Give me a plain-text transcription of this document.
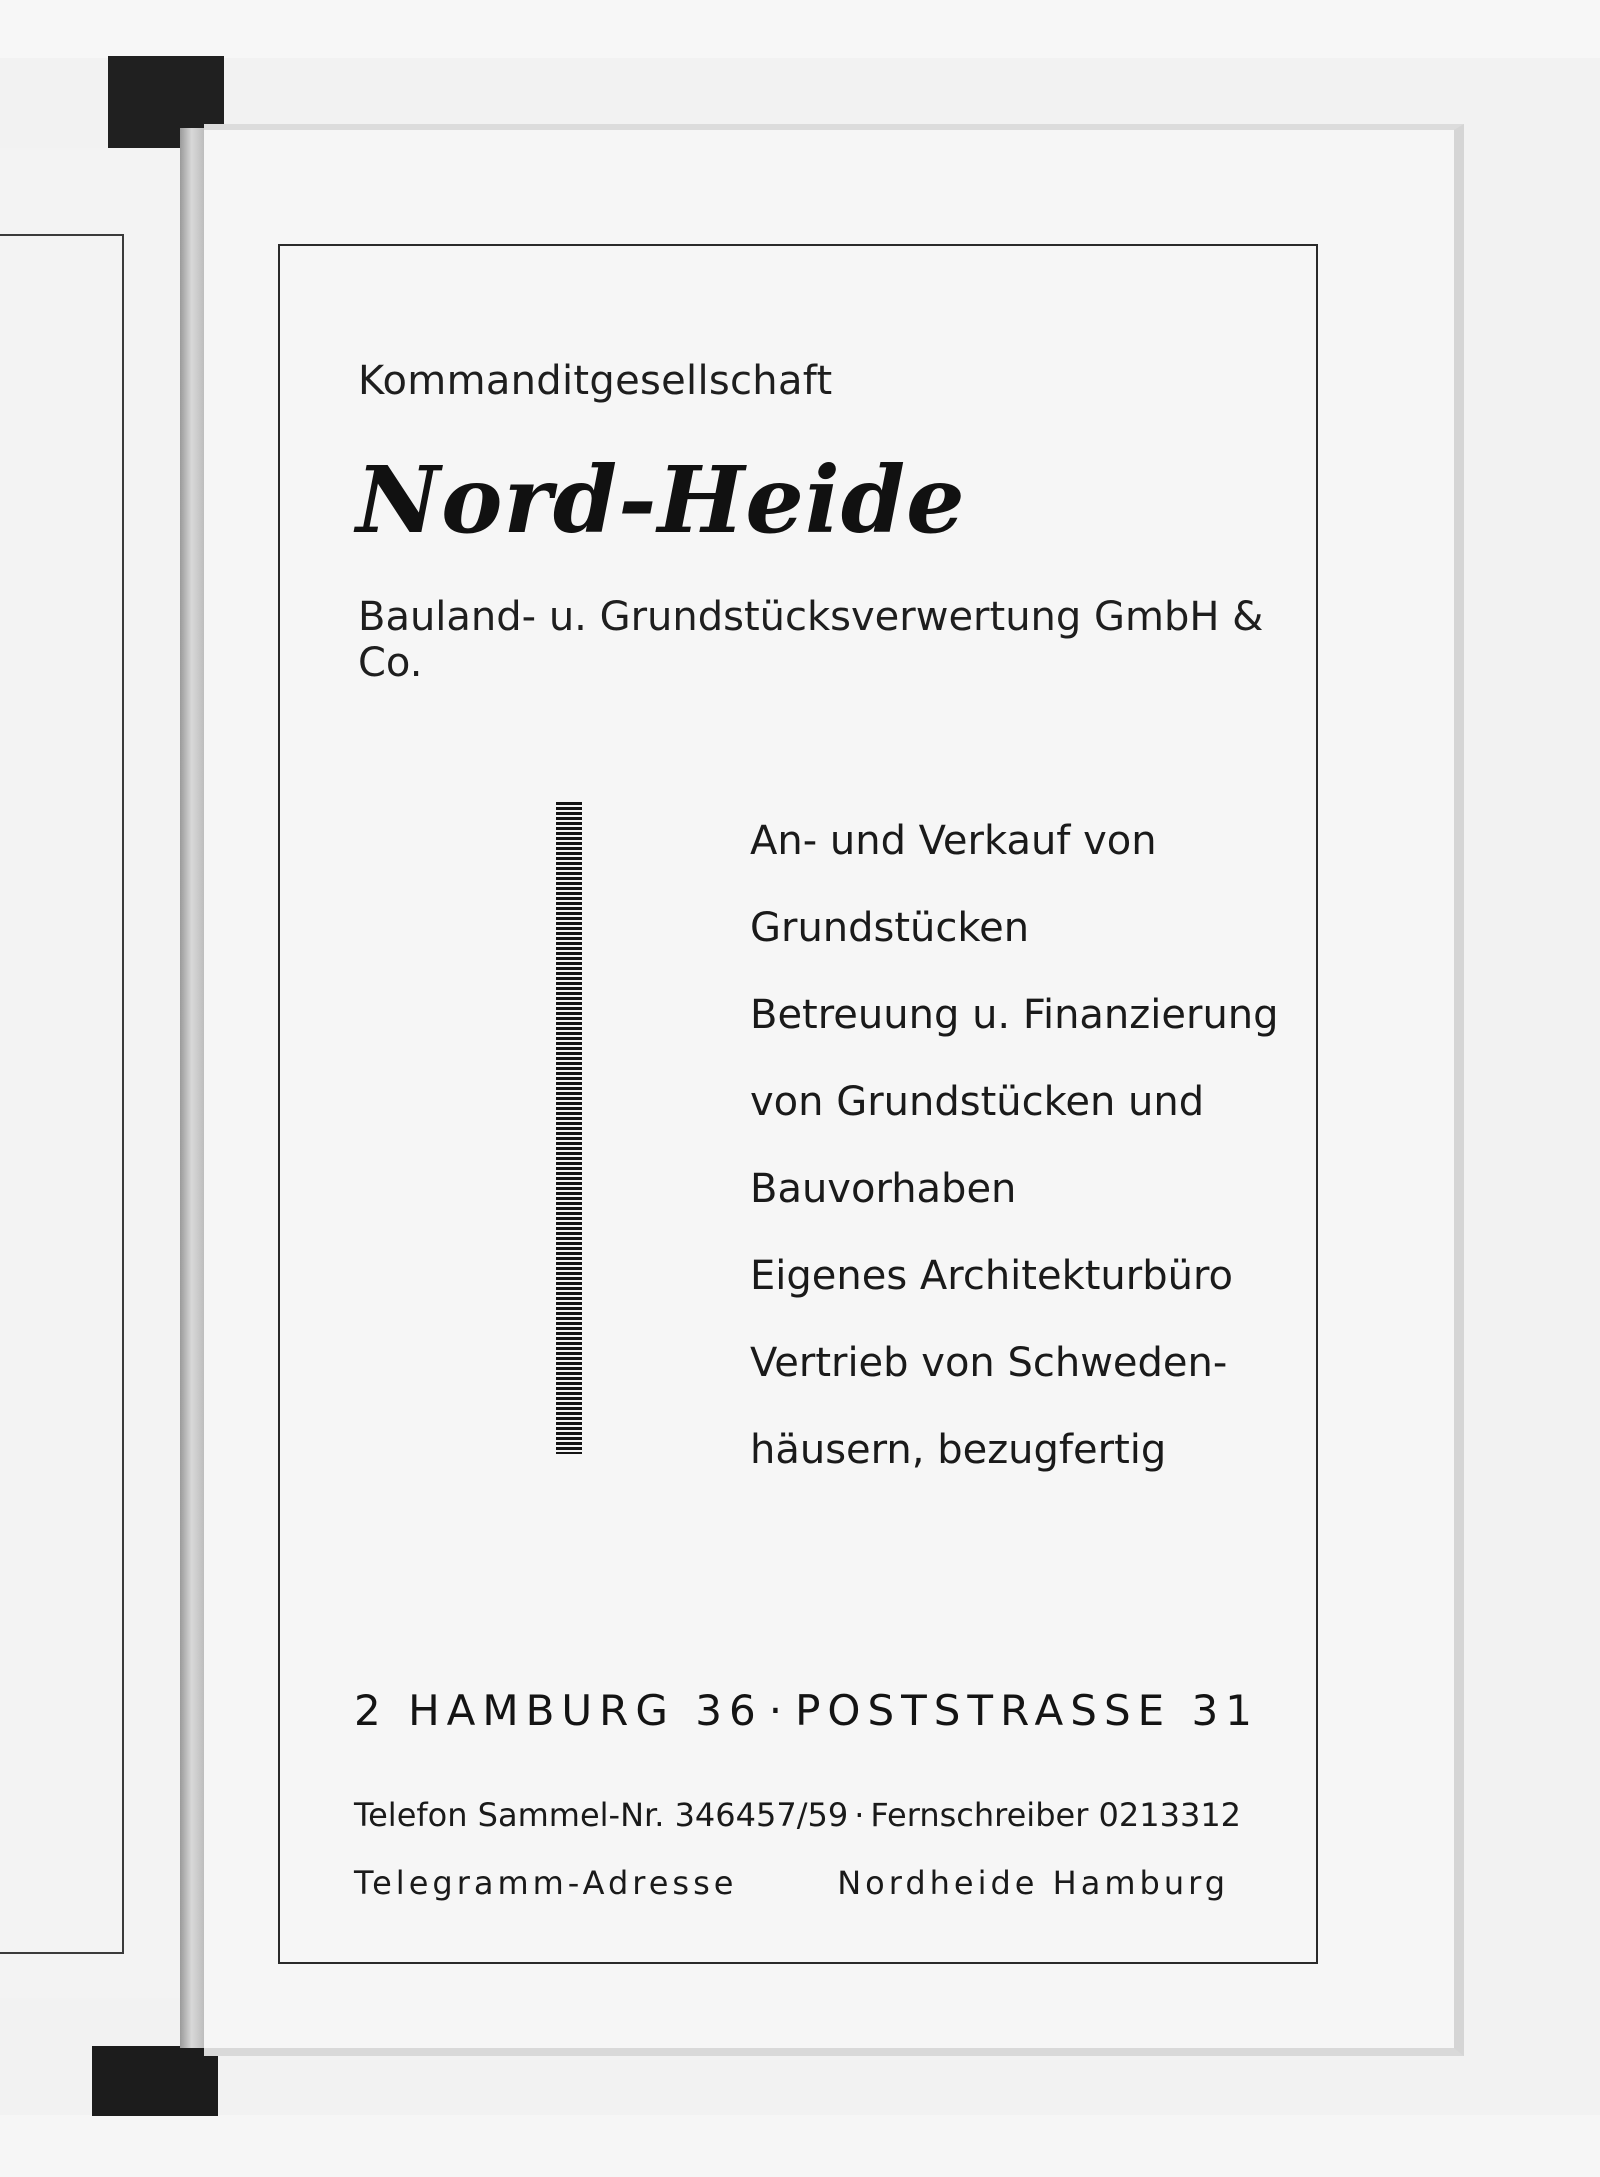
Kommanditgesellschaft
Nord-Heide
Bauland- u. Grundstücksverwertung GmbH & Co.
An- und Verkauf von
Grundstücken
Betreuung u. Finanzierung
von Grundstücken und
Bauvorhaben
Eigenes Architekturbüro
Vertrieb von Schweden-
häusern, bezugfertig
2 HAMBURG 36 · POSTSTRASSE 31
Telefon Sammel-Nr. 346457/59 · Fernschreiber 0213312
Telegramm-Adresse	Nordheide Hamburg
